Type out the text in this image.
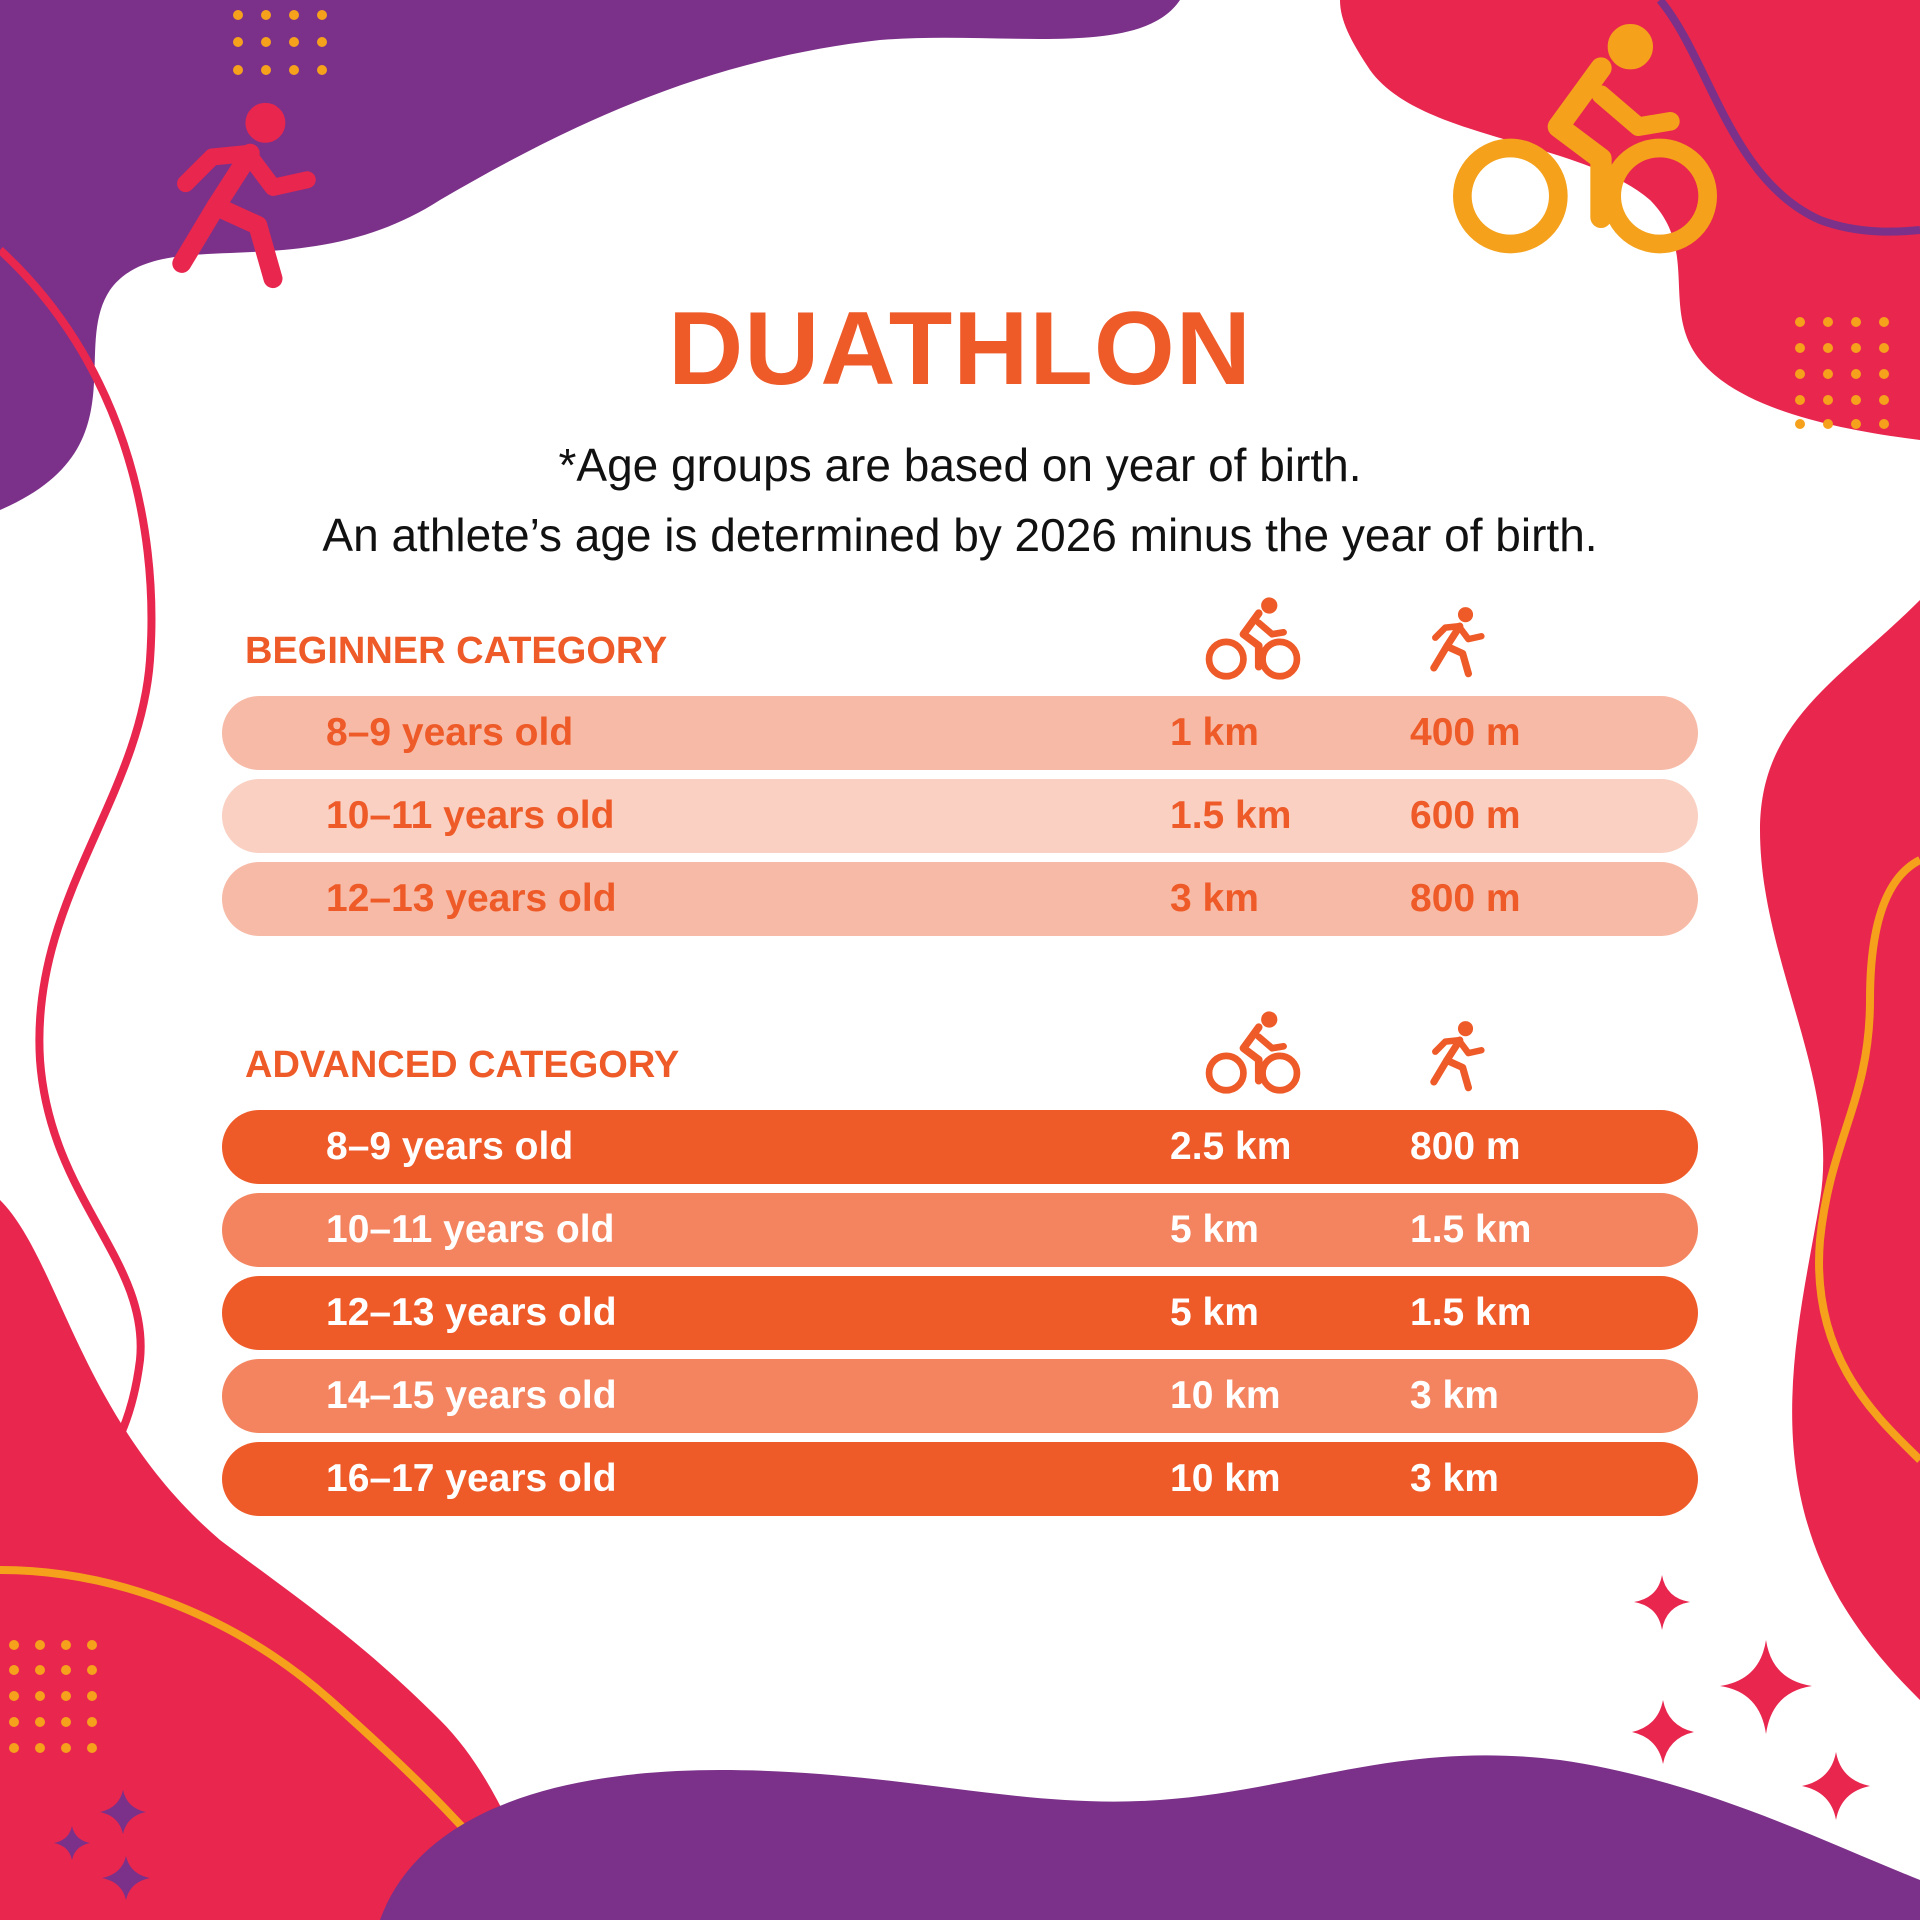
DUATHLON

*Age groups are based on year of birth.

An athlete’s age is determined by 2026 minus the year of birth.

BEGINNER CATEGORY
8–9 years old	1 km	400 m
10–11 years old	1.5 km	600 m
12–13 years old	3 km	800 m
ADVANCED CATEGORY
8–9 years old	2.5 km	800 m
10–11 years old	5 km	1.5 km
12–13 years old	5 km	1.5 km
14–15 years old	10 km	3 km
16–17 years old	10 km	3 km
